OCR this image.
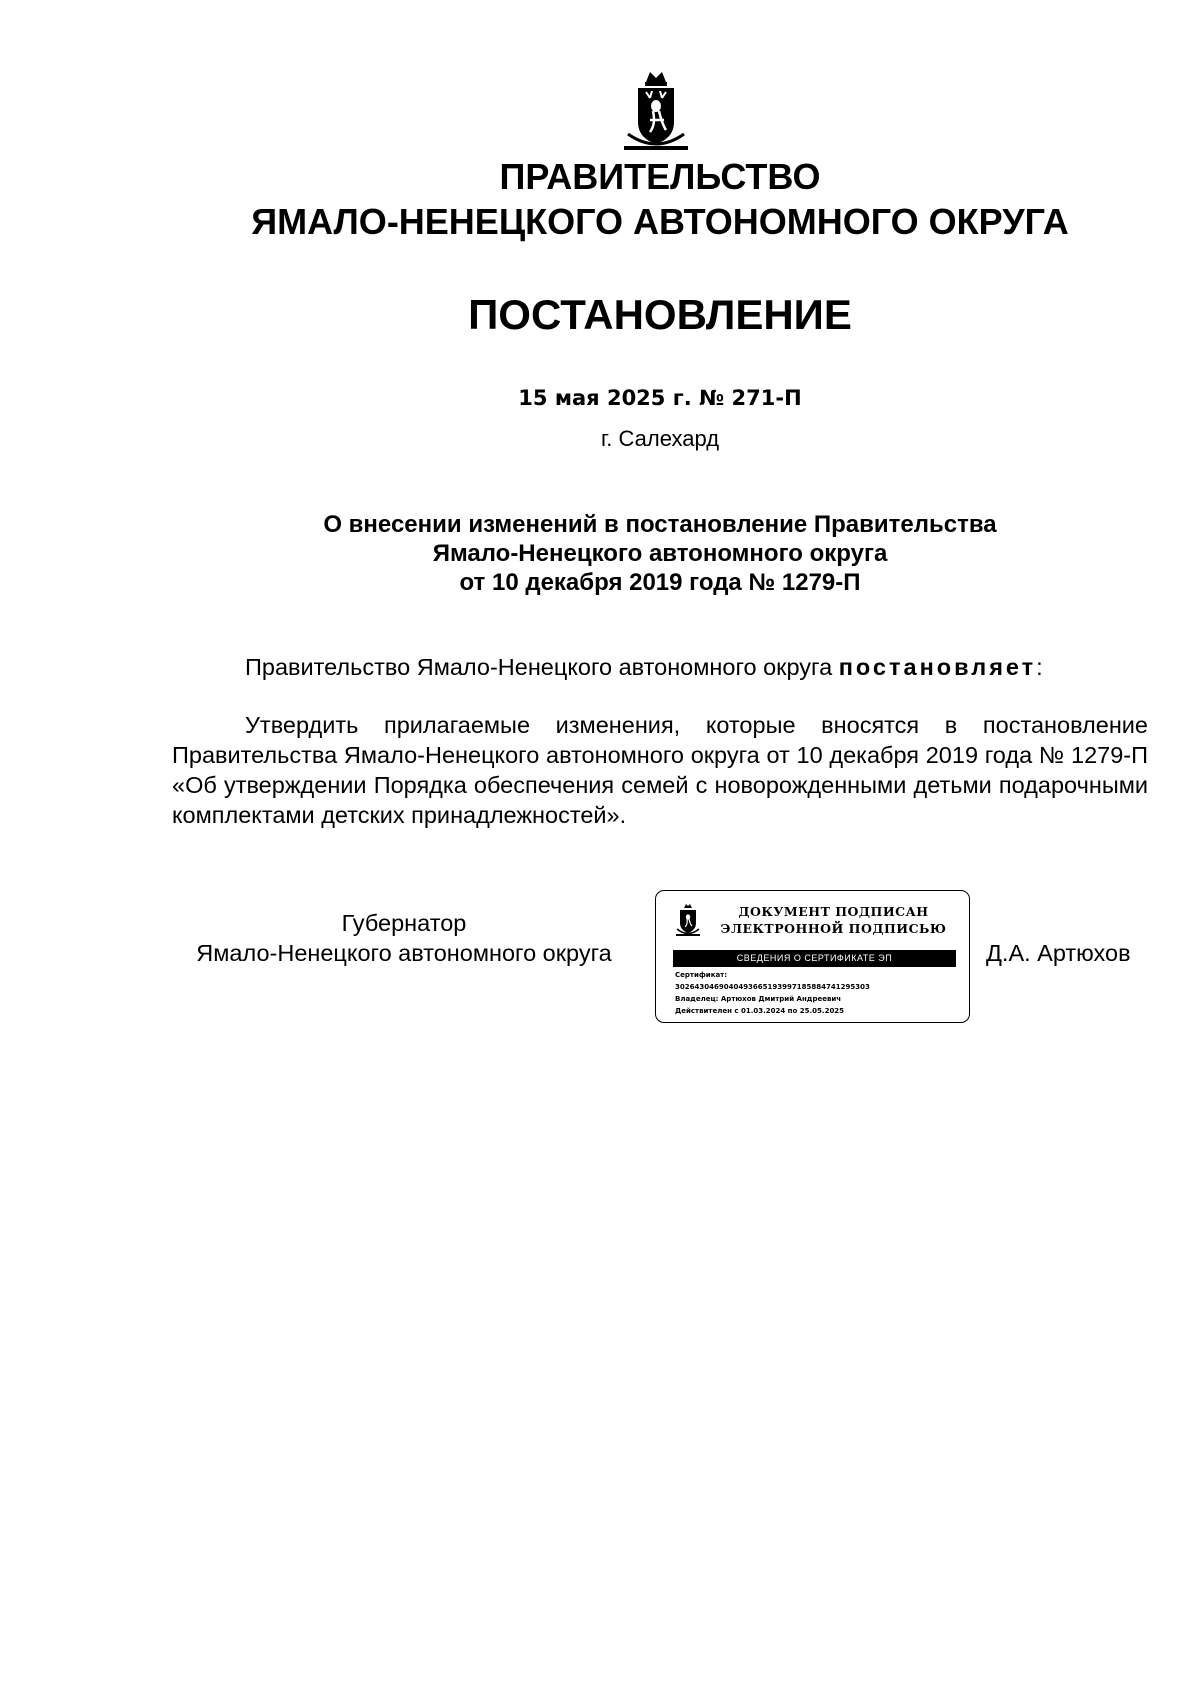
ПРАВИТЕЛЬСТВО
ЯМАЛО-НЕНЕЦКОГО АВТОНОМНОГО ОКРУГА
ПОСТАНОВЛЕНИЕ
15 мая 2025 г. № 271-П
г. Салехард
О внесении изменений в постановление Правительства
Ямало-Ненецкого автономного округа
от 10 декабря 2019 года № 1279-П
Правительство Ямало-Ненецкого автономного округа постановляет:
Утвердить прилагаемые изменения, которые вносятся в постановление Правительства Ямало-Ненецкого автономного округа от 10 декабря 2019 года № 1279-П «Об утверждении Порядка обеспечения семей с новорожденными детьми подарочными комплектами детских принадлежностей».
Губернатор
Ямало-Ненецкого автономного округа
ДОКУМЕНТ ПОДПИСАН
ЭЛЕКТРОННОЙ ПОДПИСЬЮ
СВЕДЕНИЯ О СЕРТИФИКАТЕ ЭП
Сертификат:
3026430469040493665193997185884741295303
Владелец: Артюхов Дмитрий Андреевич
Действителен с 01.03.2024 по 25.05.2025
Д.А. Артюхов
